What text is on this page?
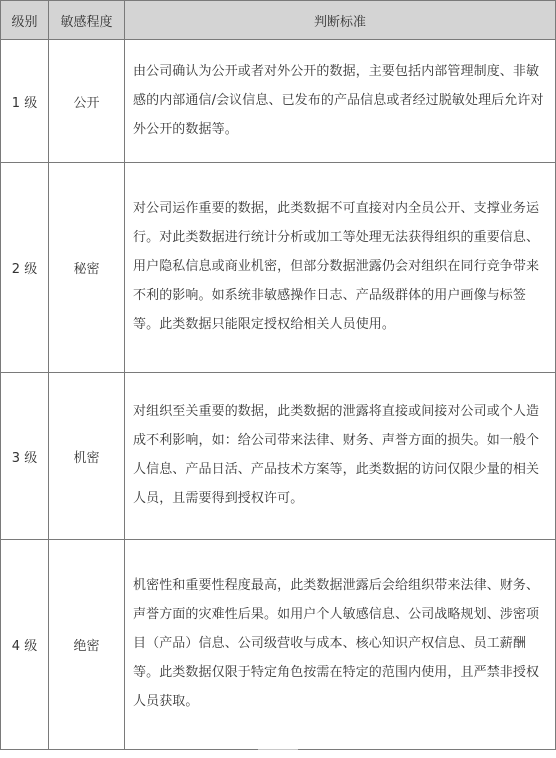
级别	敏感程度	判断标准
1 级	公开	由公司确认为公开或者对外公开的数据，主要包括内部管理制度、非敏感的内部通信/会议信息、已发布的产品信息或者经过脱敏处理后允许对外公开的数据等。
2 级	秘密	对公司运作重要的数据，此类数据不可直接对内全员公开、支撑业务运行。对此类数据进行统计分析或加工等处理无法获得组织的重要信息、用户隐私信息或商业机密，但部分数据泄露仍会对组织在同行竞争带来不利的影响。如系统非敏感操作日志、产品级群体的用户画像与标签等。此类数据只能限定授权给相关人员使用。
3 级	机密	对组织至关重要的数据，此类数据的泄露将直接或间接对公司或个人造成不利影响，如：给公司带来法律、财务、声誉方面的损失。如一般个人信息、产品日活、产品技术方案等，此类数据的访问仅限少量的相关人员，且需要得到授权许可。
4 级	绝密	机密性和重要性程度最高，此类数据泄露后会给组织带来法律、财务、声誉方面的灾难性后果。如用户个人敏感信息、公司战略规划、涉密项目（产品）信息、公司级营收与成本、核心知识产权信息、员工薪酬等。此类数据仅限于特定角色按需在特定的范围内使用，且严禁非授权人员获取。
